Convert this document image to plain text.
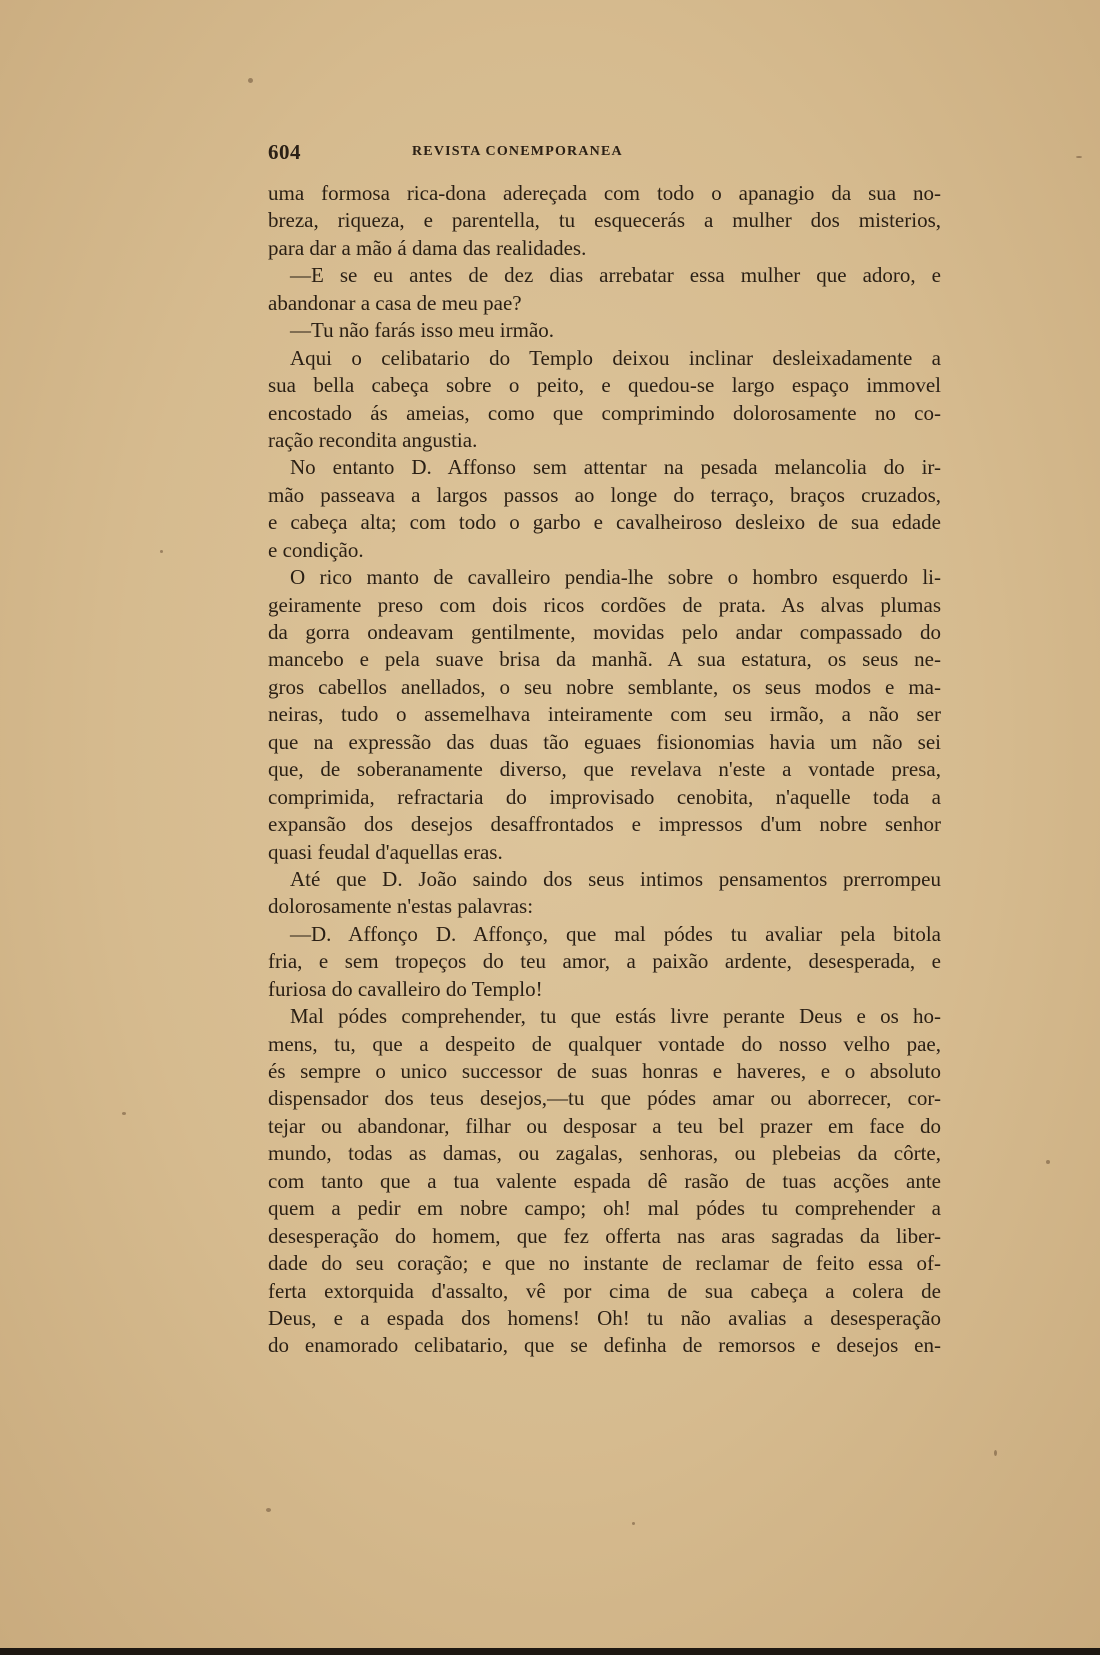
604	REVISTA CONEMPORANEA
uma formosa rica-dona adereçada com todo o apanagio da sua no-
breza, riqueza, e parentella, tu esquecerás a mulher dos misterios,
para dar a mão á dama das realidades.
—E se eu antes de dez dias arrebatar essa mulher que adoro, e
abandonar a casa de meu pae?
—Tu não farás isso meu irmão.
Aqui o celibatario do Templo deixou inclinar desleixadamente a
sua bella cabeça sobre o peito, e quedou-se largo espaço immovel
encostado ás ameias, como que comprimindo dolorosamente no co-
ração recondita angustia.
No entanto D. Affonso sem attentar na pesada melancolia do ir-
mão passeava a largos passos ao longe do terraço, braços cruzados,
e cabeça alta; com todo o garbo e cavalheiroso desleixo de sua edade
e condição.
O rico manto de cavalleiro pendia-lhe sobre o hombro esquerdo li-
geiramente preso com dois ricos cordões de prata. As alvas plumas
da gorra ondeavam gentilmente, movidas pelo andar compassado do
mancebo e pela suave brisa da manhã. A sua estatura, os seus ne-
gros cabellos anellados, o seu nobre semblante, os seus modos e ma-
neiras, tudo o assemelhava inteiramente com seu irmão, a não ser
que na expressão das duas tão eguaes fisionomias havia um não sei
que, de soberanamente diverso, que revelava n'este a vontade presa,
comprimida, refractaria do improvisado cenobita, n'aquelle toda a
expansão dos desejos desaffrontados e impressos d'um nobre senhor
quasi feudal d'aquellas eras.
Até que D. João saindo dos seus intimos pensamentos prerrompeu
dolorosamente n'estas palavras:
—D. Affonço D. Affonço, que mal pódes tu avaliar pela bitola
fria, e sem tropeços do teu amor, a paixão ardente, desesperada, e
furiosa do cavalleiro do Templo!
Mal pódes comprehender, tu que estás livre perante Deus e os ho-
mens, tu, que a despeito de qualquer vontade do nosso velho pae,
és sempre o unico successor de suas honras e haveres, e o absoluto
dispensador dos teus desejos,—tu que pódes amar ou aborrecer, cor-
tejar ou abandonar, filhar ou desposar a teu bel prazer em face do
mundo, todas as damas, ou zagalas, senhoras, ou plebeias da côrte,
com tanto que a tua valente espada dê rasão de tuas acções ante
quem a pedir em nobre campo; oh! mal pódes tu comprehender a
desesperação do homem, que fez offerta nas aras sagradas da liber-
dade do seu coração; e que no instante de reclamar de feito essa of-
ferta extorquida d'assalto, vê por cima de sua cabeça a colera de
Deus, e a espada dos homens! Oh! tu não avalias a desesperação
do enamorado celibatario, que se definha de remorsos e desejos en-
